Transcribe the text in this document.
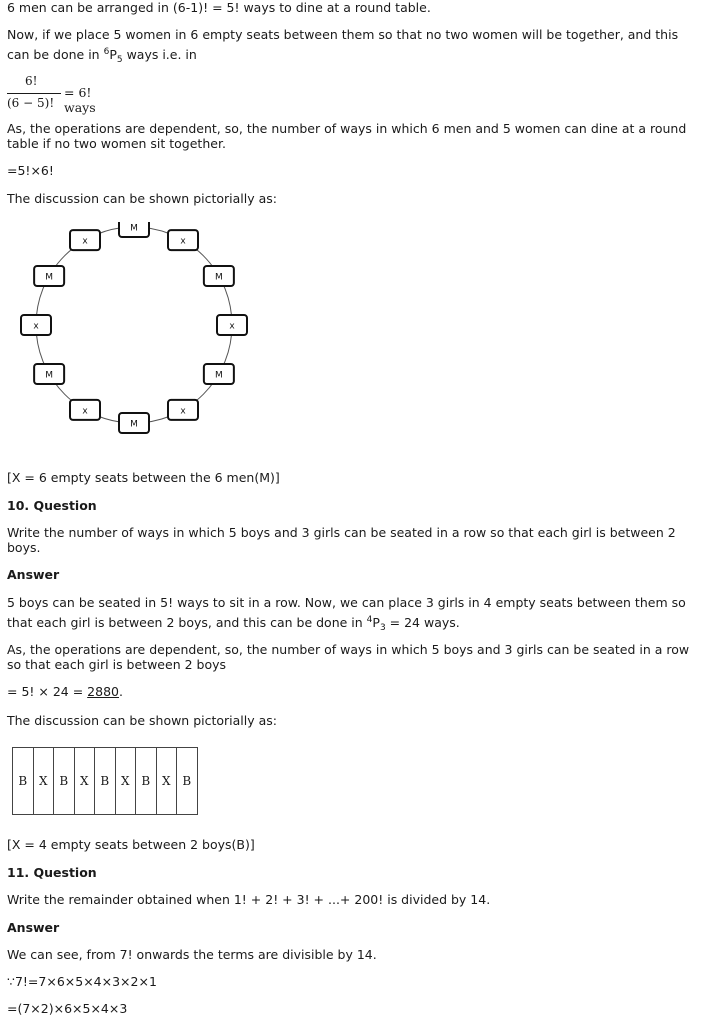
6 men can be arranged in (6-1)! = 5! ways to dine at a round table.
Now, if we place 5 women in 6 empty seats between them so that no two women will be together, and this
can be done in $^6P_5$ ways i.e. in
6!
(6 − 5)!
= 6! ways
As, the operations are dependent, so, the number of ways in which 6 men and 5 women can dine at a round
table if no two women sit together.
=5!×6!
The discussion can be shown pictorially as:
M
x
M
x
M
x
M
x
M
x
M
x
[X = 6 empty seats between the 6 men(M)]
10. Question
Write the number of ways in which 5 boys and 3 girls can be seated in a row so that each girl is between 2
boys.
Answer
5 boys can be seated in 5! ways to sit in a row. Now, we can place 3 girls in 4 empty seats between them so
that each girl is between 2 boys, and this can be done in $^4P_3 = 24$ ways.
As, the operations are dependent, so, the number of ways in which 5 boys and 3 girls can be seated in a row
so that each girl is between 2 boys
= 5! × 24 = 2880.
The discussion can be shown pictorially as:
B X B X B X B X B
[X = 4 empty seats between 2 boys(B)]
11. Question
Write the remainder obtained when 1! + 2! + 3! + ...+ 200! is divided by 14.
Answer
We can see, from 7! onwards the terms are divisible by 14.
∵7!=7×6×5×4×3×2×1
=(7×2)×6×5×4×3
